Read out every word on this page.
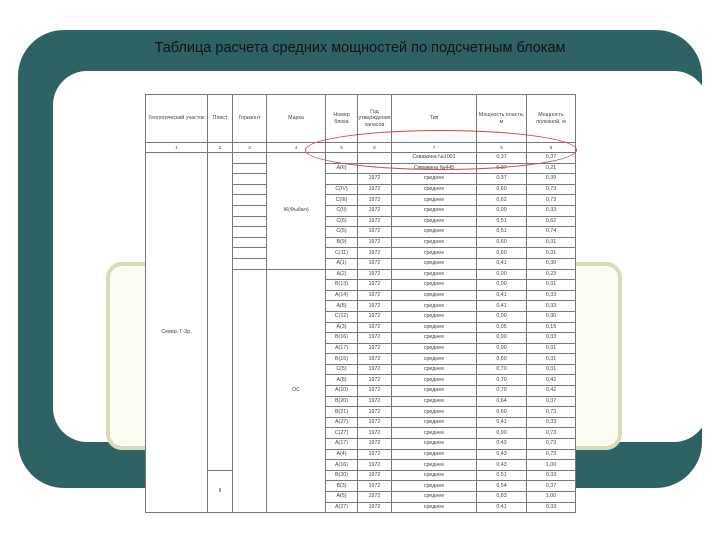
Таблица расчета средних мощностей по подсчетным блокам
Геологический участок	Пласт	Горизонт	Марка	Номер блока	Год утверждения запасов	Тип	Мощность пласта, м	Мощность полезной, м
1	2	3	4	5	6	7	8	9
Север, Г-3р,			Ж(Фыбал)			Скважина №1001	0,37	0,37
				А(II)		Скважина №445	0,37	0,21
					1972	среднее	0,37	0,39
				C(IV)	1972	среднее	0,60	0,73
				C(III)	1972	среднее	0,62	0,73
				C(II)	1972	среднее	0,00	0,33
				C(6)	1972	среднее	0,51	0,62
				C(5)	1972	среднее	0,51	0,74
				B(9)	1972	среднее	0,60	0,31
				C(11)	1972	среднее	0,60	0,31
				A(1)	1972	среднее	0,41	0,30
			ОС	A(2)	1972	среднее	0,00	0,23
				B(13)	1972	среднее	0,00	0,31
				A(14)	1972	среднее	0,41	0,33
				A(8)	1972	среднее	0,41	0,33
				C(12)	1972	среднее	0,00	0,30
				A(3)	1972	среднее	0,05	0,15
				B(16)	1972	среднее	0,90	0,33
				A(17)	1972	среднее	0,90	0,31
				B(15)	1972	среднее	0,60	0,31
				C(5)	1972	среднее	0,70	0,31
				A(8)	1972	среднее	0,70	0,42
				A(10)	1972	среднее	0,70	0,42
				B(20)	1972	среднее	0,64	0,37
				B(21)	1972	среднее	0,60	0,73
				A(27)	1972	среднее	0,41	0,33
				C(27)	1972	среднее	0,90	0,73
				A(17)	1972	среднее	0,43	0,73
				A(4)	1972	среднее	0,43	0,73
				A(16)	1972	среднее	0,43	1,00
	II			B(20)	1972	среднее	0,51	0,33
				B(3)	1972	среднее	0,54	0,37
				A(5)	1972	среднее	0,83	1,00
				A(27)	1972	среднее	0,41	0,33
